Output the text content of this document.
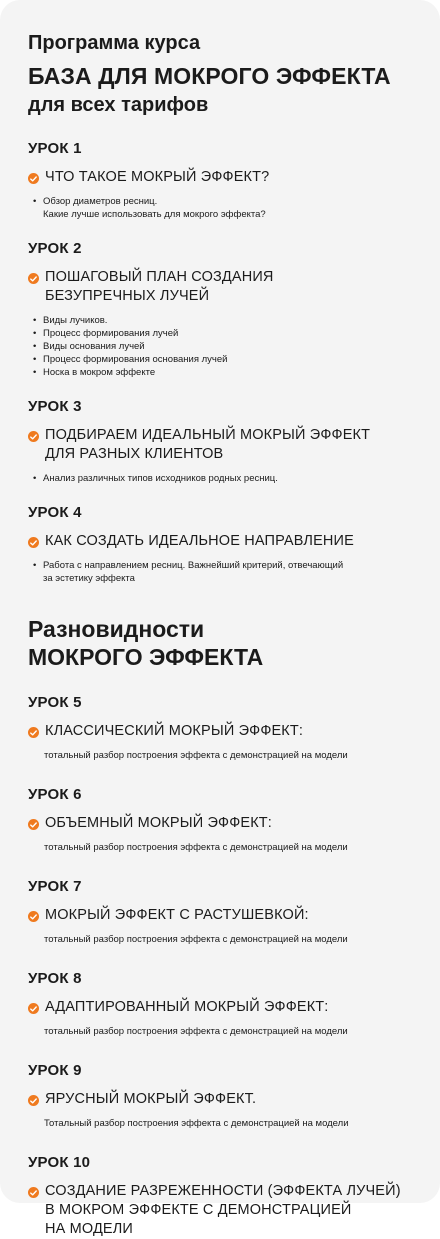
Программа курса
БАЗА ДЛЯ МОКРОГО ЭФФЕКТА
для всех тарифов
УРОК 1
ЧТО ТАКОЕ МОКРЫЙ ЭФФЕКТ?
• Обзор диаметров ресниц.
Какие лучше использовать для мокрого эффекта?
УРОК 2
ПОШАГОВЫЙ ПЛАН СОЗДАНИЯ
БЕЗУПРЕЧНЫХ ЛУЧЕЙ
• Виды лучиков.
• Процесс формирования лучей
• Виды основания лучей
• Процесс формирования основания лучей
• Носка в мокром эффекте
УРОК 3
ПОДБИРАЕМ ИДЕАЛЬНЫЙ МОКРЫЙ ЭФФЕКТ
ДЛЯ РАЗНЫХ КЛИЕНТОВ
• Анализ различных типов исходников родных ресниц.
УРОК 4
КАК СОЗДАТЬ ИДЕАЛЬНОЕ НАПРАВЛЕНИЕ
• Работа с направлением ресниц. Важнейший критерий, отвечающий
за эстетику эффекта
Разновидности
МОКРОГО ЭФФЕКТА
УРОК 5
КЛАССИЧЕСКИЙ МОКРЫЙ ЭФФЕКТ:
тотальный разбор построения эффекта с демонстрацией на модели
УРОК 6
ОБЪЕМНЫЙ МОКРЫЙ ЭФФЕКТ:
тотальный разбор построения эффекта с демонстрацией на модели
УРОК 7
МОКРЫЙ ЭФФЕКТ С РАСТУШЕВКОЙ:
тотальный разбор построения эффекта с демонстрацией на модели
УРОК 8
АДАПТИРОВАННЫЙ МОКРЫЙ ЭФФЕКТ:
тотальный разбор построения эффекта с демонстрацией на модели
УРОК 9
ЯРУСНЫЙ МОКРЫЙ ЭФФЕКТ.
Тотальный разбор построения эффекта с демонстрацией на модели
УРОК 10
СОЗДАНИЕ РАЗРЕЖЕННОСТИ (ЭФФЕКТА ЛУЧЕЙ)
В МОКРОМ ЭФФЕКТЕ С ДЕМОНСТРАЦИЕЙ
НА МОДЕЛИ
